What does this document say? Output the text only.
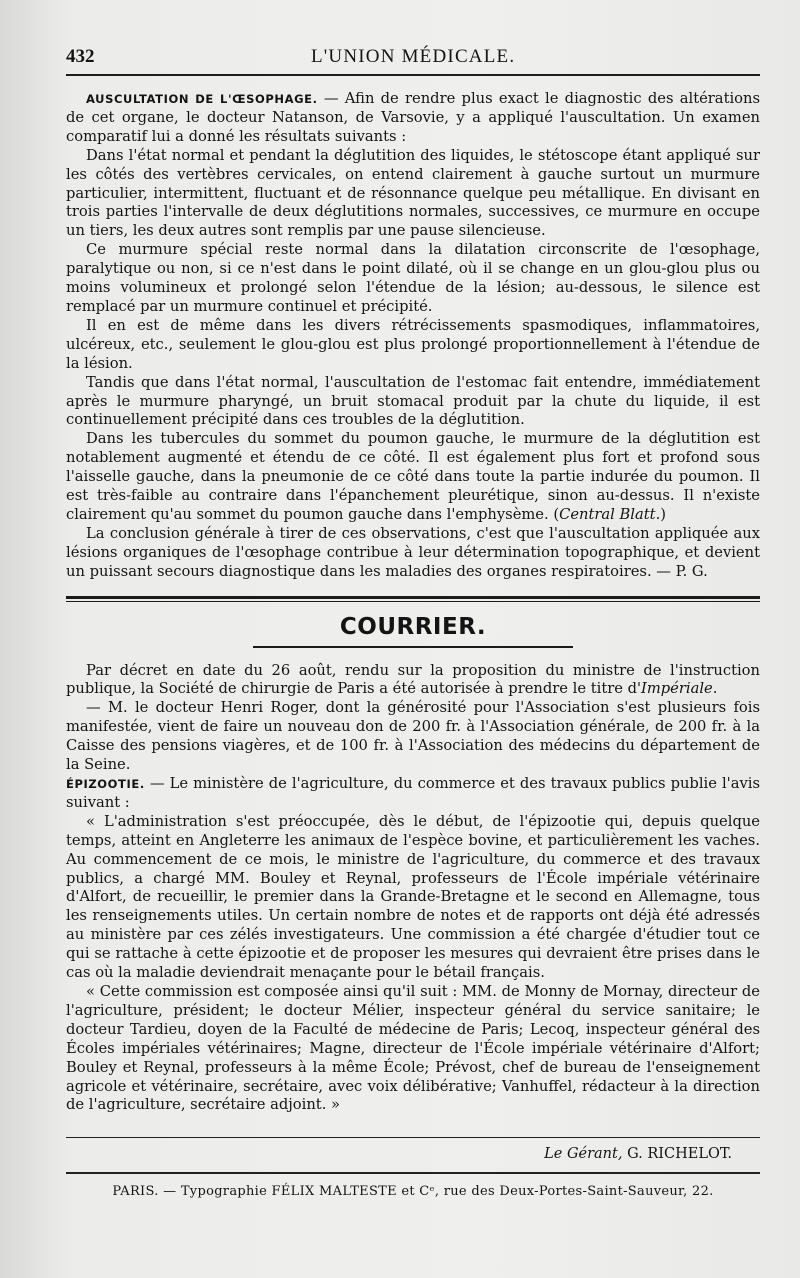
432	L'UNION MÉDICALE.

AUSCULTATION DE L'ŒSOPHAGE. — Afin de rendre plus exact le diagnostic des altérations de cet organe, le docteur Natanson, de Varsovie, y a appliqué l'auscultation. Un examen comparatif lui a donné les résultats suivants :

Dans l'état normal et pendant la déglutition des liquides, le stétoscope étant appliqué sur les côtés des vertèbres cervicales, on entend clairement à gauche surtout un murmure particulier, intermittent, fluctuant et de résonnance quelque peu métallique. En divisant en trois parties l'intervalle de deux déglutitions normales, successives, ce murmure en occupe un tiers, les deux autres sont remplis par une pause silencieuse.

Ce murmure spécial reste normal dans la dilatation circonscrite de l'œsophage, paralytique ou non, si ce n'est dans le point dilaté, où il se change en un glou-glou plus ou moins volumineux et prolongé selon l'étendue de la lésion; au-dessous, le silence est remplacé par un murmure continuel et précipité.

Il en est de même dans les divers rétrécissements spasmodiques, inflammatoires, ulcéreux, etc., seulement le glou-glou est plus prolongé proportionnellement à l'étendue de la lésion.

Tandis que dans l'état normal, l'auscultation de l'estomac fait entendre, immédiatement après le murmure pharyngé, un bruit stomacal produit par la chute du liquide, il est continuellement précipité dans ces troubles de la déglutition.

Dans les tubercules du sommet du poumon gauche, le murmure de la déglutition est notablement augmenté et étendu de ce côté. Il est également plus fort et profond sous l'aisselle gauche, dans la pneumonie de ce côté dans toute la partie indurée du poumon. Il est très-faible au contraire dans l'épanchement pleurétique, sinon au-dessus. Il n'existe clairement qu'au sommet du poumon gauche dans l'emphysème. (Central Blatt.)

La conclusion générale à tirer de ces observations, c'est que l'auscultation appliquée aux lésions organiques de l'œsophage contribue à leur détermination topographique, et devient un puissant secours diagnostique dans les maladies des organes respiratoires. — P. G.

COURRIER.

Par décret en date du 26 août, rendu sur la proposition du ministre de l'instruction publique, la Société de chirurgie de Paris a été autorisée à prendre le titre d'Impériale.

— M. le docteur Henri Roger, dont la générosité pour l'Association s'est plusieurs fois manifestée, vient de faire un nouveau don de 200 fr. à l'Association générale, de 200 fr. à la Caisse des pensions viagères, et de 100 fr. à l'Association des médecins du département de la Seine.

ÉPIZOOTIE. — Le ministère de l'agriculture, du commerce et des travaux publics publie l'avis suivant :

« L'administration s'est préoccupée, dès le début, de l'épizootie qui, depuis quelque temps, atteint en Angleterre les animaux de l'espèce bovine, et particulièrement les vaches. Au commencement de ce mois, le ministre de l'agriculture, du commerce et des travaux publics, a chargé MM. Bouley et Reynal, professeurs de l'École impériale vétérinaire d'Alfort, de recueillir, le premier dans la Grande-Bretagne et le second en Allemagne, tous les renseignements utiles. Un certain nombre de notes et de rapports ont déjà été adressés au ministère par ces zélés investigateurs. Une commission a été chargée d'étudier tout ce qui se rattache à cette épizootie et de proposer les mesures qui devraient être prises dans le cas où la maladie deviendrait menaçante pour le bétail français.

« Cette commission est composée ainsi qu'il suit : MM. de Monny de Mornay, directeur de l'agriculture, président; le docteur Mélier, inspecteur général du service sanitaire; le docteur Tardieu, doyen de la Faculté de médecine de Paris; Lecoq, inspecteur général des Écoles impériales vétérinaires; Magne, directeur de l'École impériale vétérinaire d'Alfort; Bouley et Reynal, professeurs à la même École; Prévost, chef de bureau de l'enseignement agricole et vétérinaire, secrétaire, avec voix délibérative; Vanhuffel, rédacteur à la direction de l'agriculture, secrétaire adjoint. »

Le Gérant, G. RICHELOT.
PARIS. — Typographie FÉLIX MALTESTE et Cᵉ, rue des Deux-Portes-Saint-Sauveur, 22.
